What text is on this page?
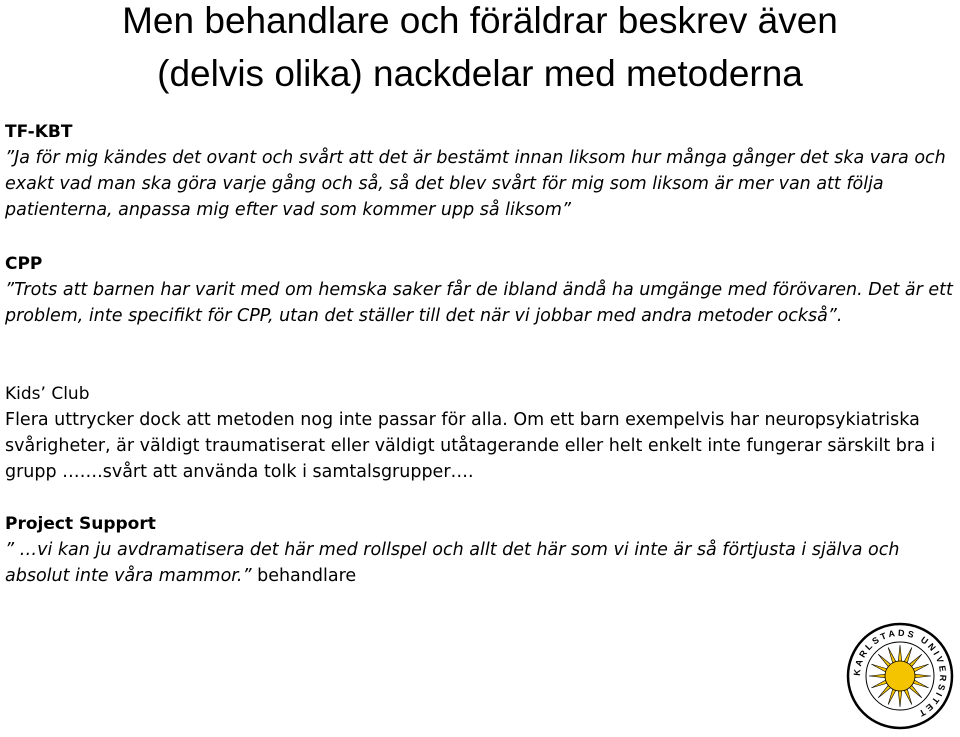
Men behandlare och föräldrar beskrev även
(delvis olika) nackdelar med metoderna
TF-KBT
”Ja för mig kändes det ovant och svårt att det är bestämt innan liksom hur många gånger det ska vara och exakt vad man ska göra varje gång och så, så det blev svårt för mig som liksom är mer van att följa patienterna, anpassa mig efter vad som kommer upp så liksom”
CPP
”Trots att barnen har varit med om hemska saker får de ibland ändå ha umgänge med förövaren. Det är ett problem, inte specifikt för CPP, utan det ställer till det när vi jobbar med andra metoder också”.
Kids’ Club
Flera uttrycker dock att metoden nog inte passar för alla. Om ett barn exempelvis har neuropsykiatriska svårigheter, är väldigt traumatiserat eller väldigt utåtagerande eller helt enkelt inte fungerar särskilt bra i grupp …….svårt att använda tolk i samtalsgrupper….
Project Support
” …vi kan ju avdramatisera det här med rollspel och allt det här som vi inte är så förtjusta i själva och absolut inte våra mammor.” behandlare
KARLSTADS UNIVERSITET
